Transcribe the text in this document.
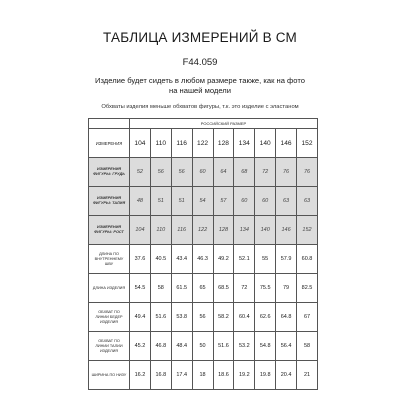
ТАБЛИЦА ИЗМЕРЕНИЙ В СМ
F44.059
Изделие будет сидеть в любом размере также, как на фото на нашей модели
Обхваты изделия меньше обхватов фигуры, т.к. это изделие с эластаном
	РОССИЙСКИЙ РАЗМЕР								
ИЗМЕРЕНИЯ	104	110	116	122	128	134	140	146	152
ИЗМЕРЕНИЯ ФИГУРЫ: ГРУДЬ	52	56	56	60	64	68	72	76	76
ИЗМЕРЕНИЯ ФИГУРЫ: ТАЛИЯ	48	51	51	54	57	60	60	63	63
ИЗМЕРЕНИЯ ФИГУРЫ: РОСТ	104	110	116	122	128	134	140	146	152
ДЛИНА ПО ВНУТРЕННЕМУ ШВУ	37.6	40.5	43.4	46.3	49.2	52.1	55	57.9	60.8
ДЛИНА ИЗДЕЛИЯ	54.5	58	61.5	65	68.5	72	75.5	79	82.5
ОБХВАТ ПО ЛИНИИ БЕДЕР ИЗДЕЛИЯ	49.4	51.6	53.8	56	58.2	60.4	62.6	64.8	67
ОБХВАТ ПО ЛИНИИ ТАЛИИ ИЗДЕЛИЯ	45.2	46.8	48.4	50	51.6	53.2	54.8	56.4	58
ШИРИНА ПО НИЗУ	16.2	16.8	17.4	18	18.6	19.2	19.8	20.4	21
